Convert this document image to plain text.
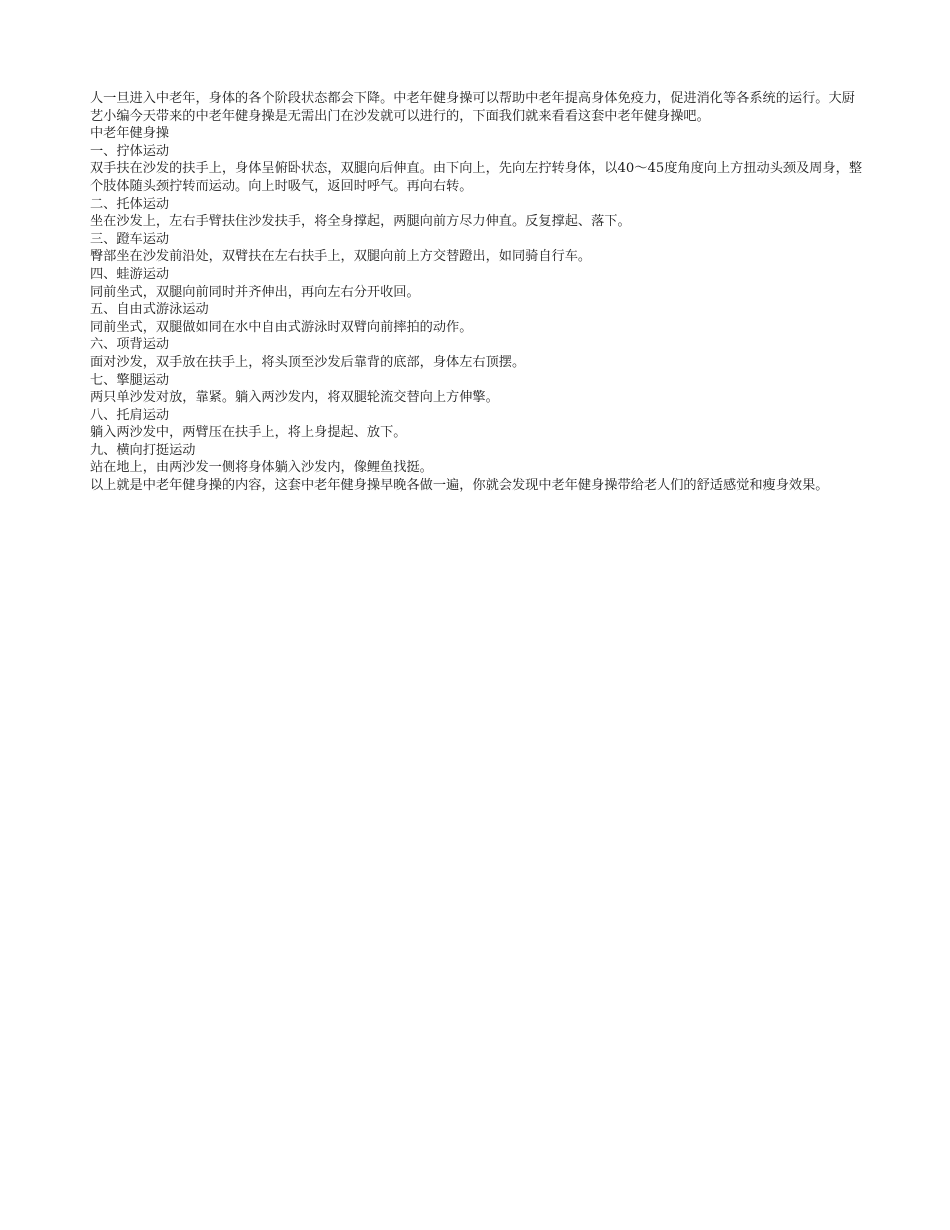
人一旦进入中老年，身体的各个阶段状态都会下降。中老年健身操可以帮助中老年提高身体免疫力，促进消化等各系统的运行。大厨艺小编今天带来的中老年健身操是无需出门在沙发就可以进行的，下面我们就来看看这套中老年健身操吧。

中老年健身操

一、拧体运动

双手扶在沙发的扶手上，身体呈俯卧状态，双腿向后伸直。由下向上，先向左拧转身体，以40～45度角度向上方扭动头颈及周身，整个肢体随头颈拧转而运动。向上时吸气，返回时呼气。再向右转。

二、托体运动

坐在沙发上，左右手臂扶住沙发扶手，将全身撑起，两腿向前方尽力伸直。反复撑起、落下。

三、蹬车运动

臀部坐在沙发前沿处，双臂扶在左右扶手上，双腿向前上方交替蹬出，如同骑自行车。

四、蛙游运动

同前坐式，双腿向前同时并齐伸出，再向左右分开收回。

五、自由式游泳运动

同前坐式，双腿做如同在水中自由式游泳时双臂向前摔拍的动作。

六、项背运动

面对沙发，双手放在扶手上，将头顶至沙发后靠背的底部，身体左右顶摆。

七、擎腿运动

两只单沙发对放，靠紧。躺入两沙发内，将双腿轮流交替向上方伸擎。

八、托肩运动

躺入两沙发中，两臂压在扶手上，将上身提起、放下。

九、横向打挺运动

站在地上，由两沙发一侧将身体躺入沙发内，像鲤鱼找挺。

以上就是中老年健身操的内容，这套中老年健身操早晚各做一遍，你就会发现中老年健身操带给老人们的舒适感觉和瘦身效果。
